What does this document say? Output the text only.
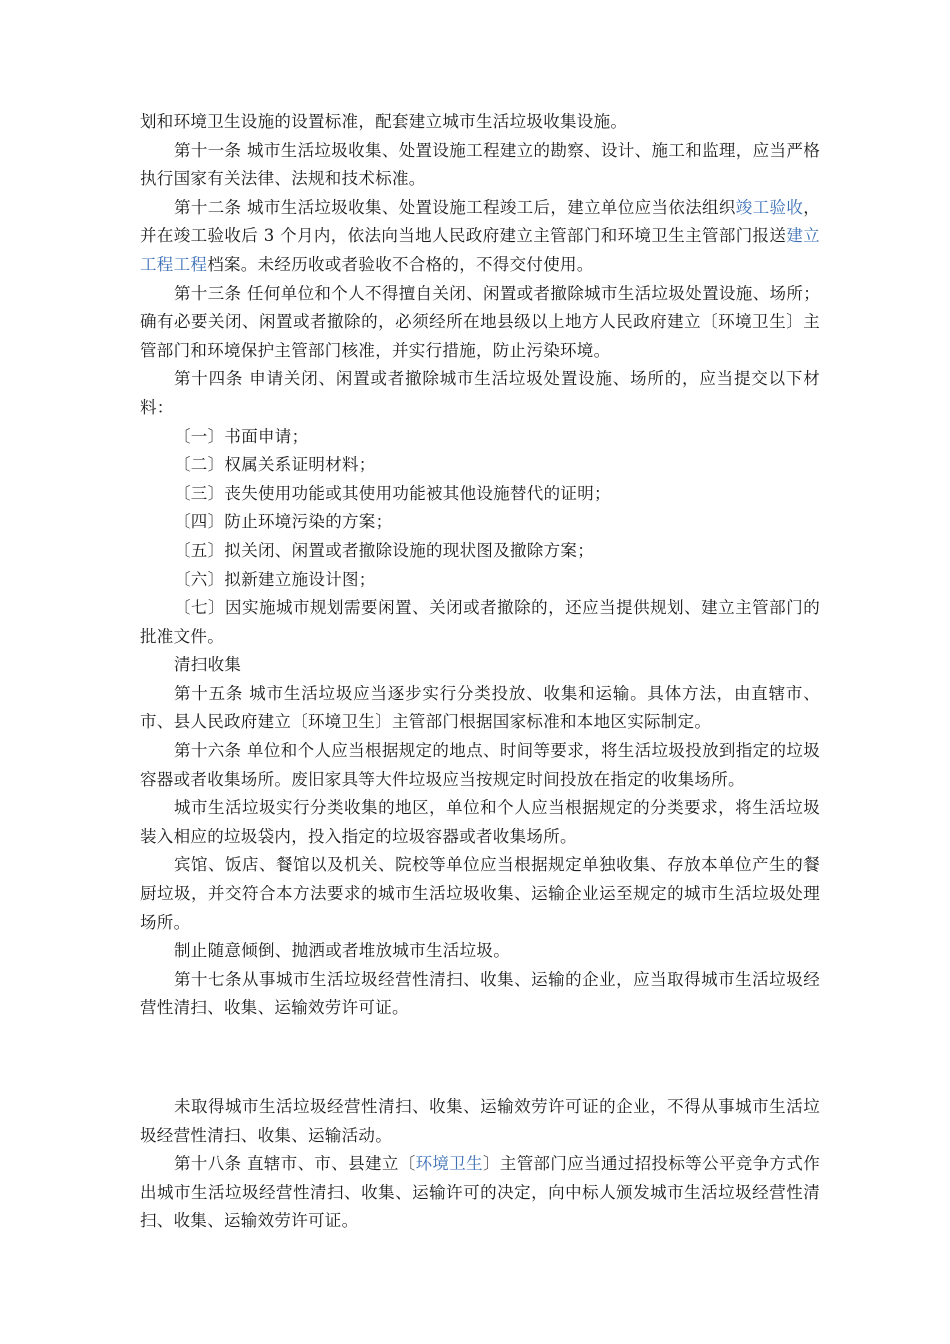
划和环境卫生设施的设置标准，配套建立城市生活垃圾收集设施。

第十一条 城市生活垃圾收集、处置设施工程建立的勘察、设计、施工和监理，应当严格执行国家有关法律、法规和技术标准。

第十二条 城市生活垃圾收集、处置设施工程竣工后，建立单位应当依法组织竣工验收，并在竣工验收后 3 个月内，依法向当地人民政府建立主管部门和环境卫生主管部门报送建立工程工程档案。未经历收或者验收不合格的，不得交付使用。

第十三条 任何单位和个人不得擅自关闭、闲置或者撤除城市生活垃圾处置设施、场所；确有必要关闭、闲置或者撤除的，必须经所在地县级以上地方人民政府建立〔环境卫生〕主管部门和环境保护主管部门核准，并实行措施，防止污染环境。

第十四条 申请关闭、闲置或者撤除城市生活垃圾处置设施、场所的，应当提交以下材料：

〔一〕书面申请；

〔二〕权属关系证明材料；

〔三〕丧失使用功能或其使用功能被其他设施替代的证明；

〔四〕防止环境污染的方案；

〔五〕拟关闭、闲置或者撤除设施的现状图及撤除方案；

〔六〕拟新建立施设计图；

〔七〕因实施城市规划需要闲置、关闭或者撤除的，还应当提供规划、建立主管部门的批准文件。

清扫收集

第十五条 城市生活垃圾应当逐步实行分类投放、收集和运输。具体方法，由直辖市、市、县人民政府建立〔环境卫生〕主管部门根据国家标准和本地区实际制定。

第十六条 单位和个人应当根据规定的地点、时间等要求，将生活垃圾投放到指定的垃圾容器或者收集场所。废旧家具等大件垃圾应当按规定时间投放在指定的收集场所。

城市生活垃圾实行分类收集的地区，单位和个人应当根据规定的分类要求，将生活垃圾装入相应的垃圾袋内，投入指定的垃圾容器或者收集场所。

宾馆、饭店、餐馆以及机关、院校等单位应当根据规定单独收集、存放本单位产生的餐厨垃圾，并交符合本方法要求的城市生活垃圾收集、运输企业运至规定的城市生活垃圾处理场所。

制止随意倾倒、抛洒或者堆放城市生活垃圾。

第十七条从事城市生活垃圾经营性清扫、收集、运输的企业，应当取得城市生活垃圾经营性清扫、收集、运输效劳许可证。

未取得城市生活垃圾经营性清扫、收集、运输效劳许可证的企业，不得从事城市生活垃圾经营性清扫、收集、运输活动。

第十八条 直辖市、市、县建立〔环境卫生〕主管部门应当通过招投标等公平竞争方式作出城市生活垃圾经营性清扫、收集、运输许可的决定，向中标人颁发城市生活垃圾经营性清扫、收集、运输效劳许可证。
